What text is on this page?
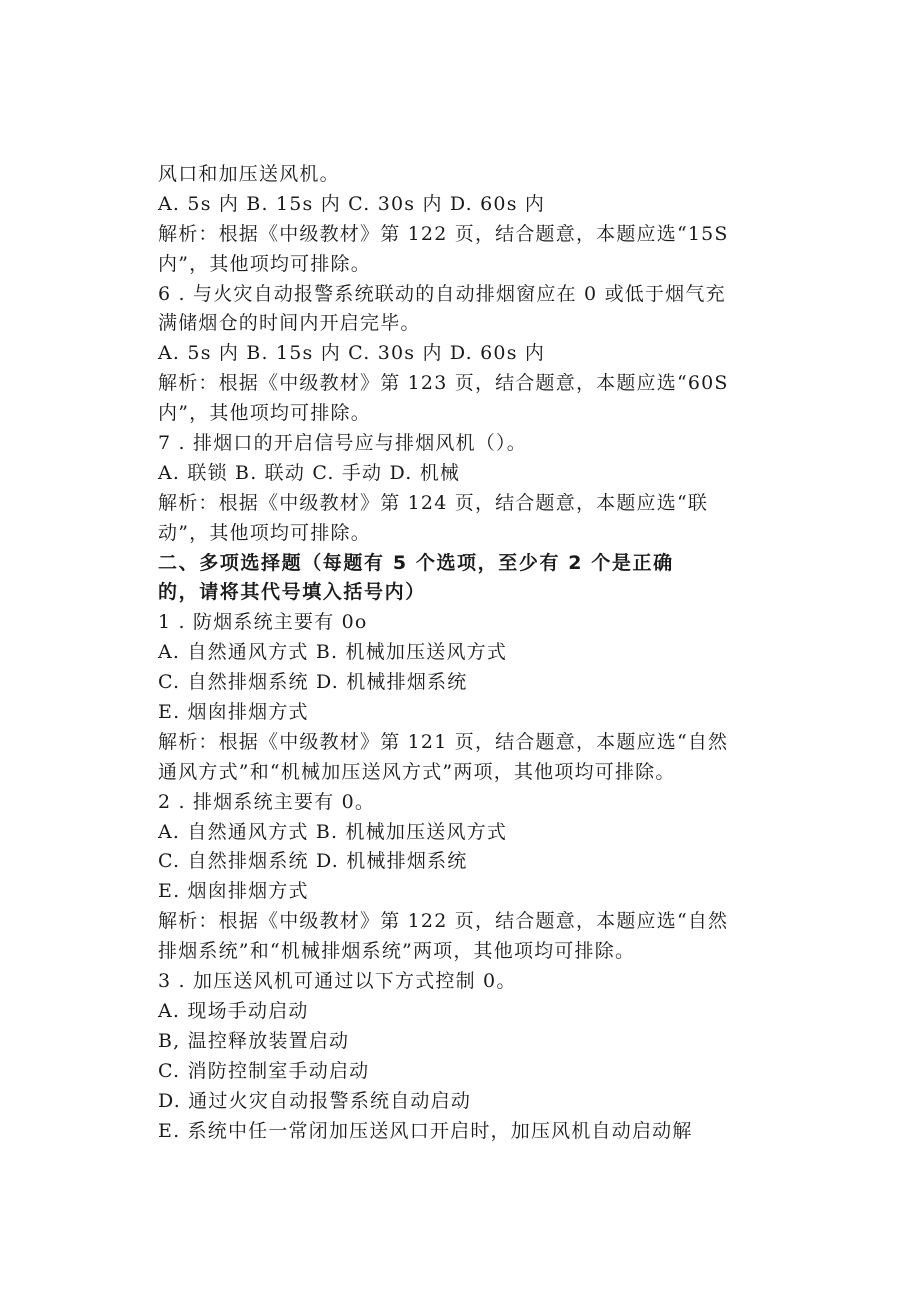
风口和加压送风机。
A. 5s 内 B. 15s 内 C. 30s 内 D. 60s 内
解析：根据《中级教材》第 122 页，结合题意，本题应选“15S
内”，其他项均可排除。
6 . 与火灾自动报警系统联动的自动排烟窗应在 0 或低于烟气充
满储烟仓的时间内开启完毕。
A. 5s 内 B. 15s 内 C. 30s 内 D. 60s 内
解析：根据《中级教材》第 123 页，结合题意，本题应选“60S
内”，其他项均可排除。
7 . 排烟口的开启信号应与排烟风机（）。
A. 联锁 B. 联动 C. 手动 D. 机械
解析：根据《中级教材》第 124 页，结合题意，本题应选“联
动”，其他项均可排除。
二、多项选择题（每题有 5 个选项，至少有 2 个是正确
的，请将其代号填入括号内）
1 . 防烟系统主要有 0o
A. 自然通风方式 B. 机械加压送风方式
C. 自然排烟系统 D. 机械排烟系统
E. 烟囱排烟方式
解析：根据《中级教材》第 121 页，结合题意，本题应选“自然
通风方式”和“机械加压送风方式”两项，其他项均可排除。
2 . 排烟系统主要有 0。
A. 自然通风方式 B. 机械加压送风方式
C. 自然排烟系统 D. 机械排烟系统
E. 烟囱排烟方式
解析：根据《中级教材》第 122 页，结合题意，本题应选“自然
排烟系统”和“机械排烟系统”两项，其他项均可排除。
3 . 加压送风机可通过以下方式控制 0。
A. 现场手动启动
B, 温控释放装置启动
C. 消防控制室手动启动
D. 通过火灾自动报警系统自动启动
E. 系统中任一常闭加压送风口开启时，加压风机自动启动解
